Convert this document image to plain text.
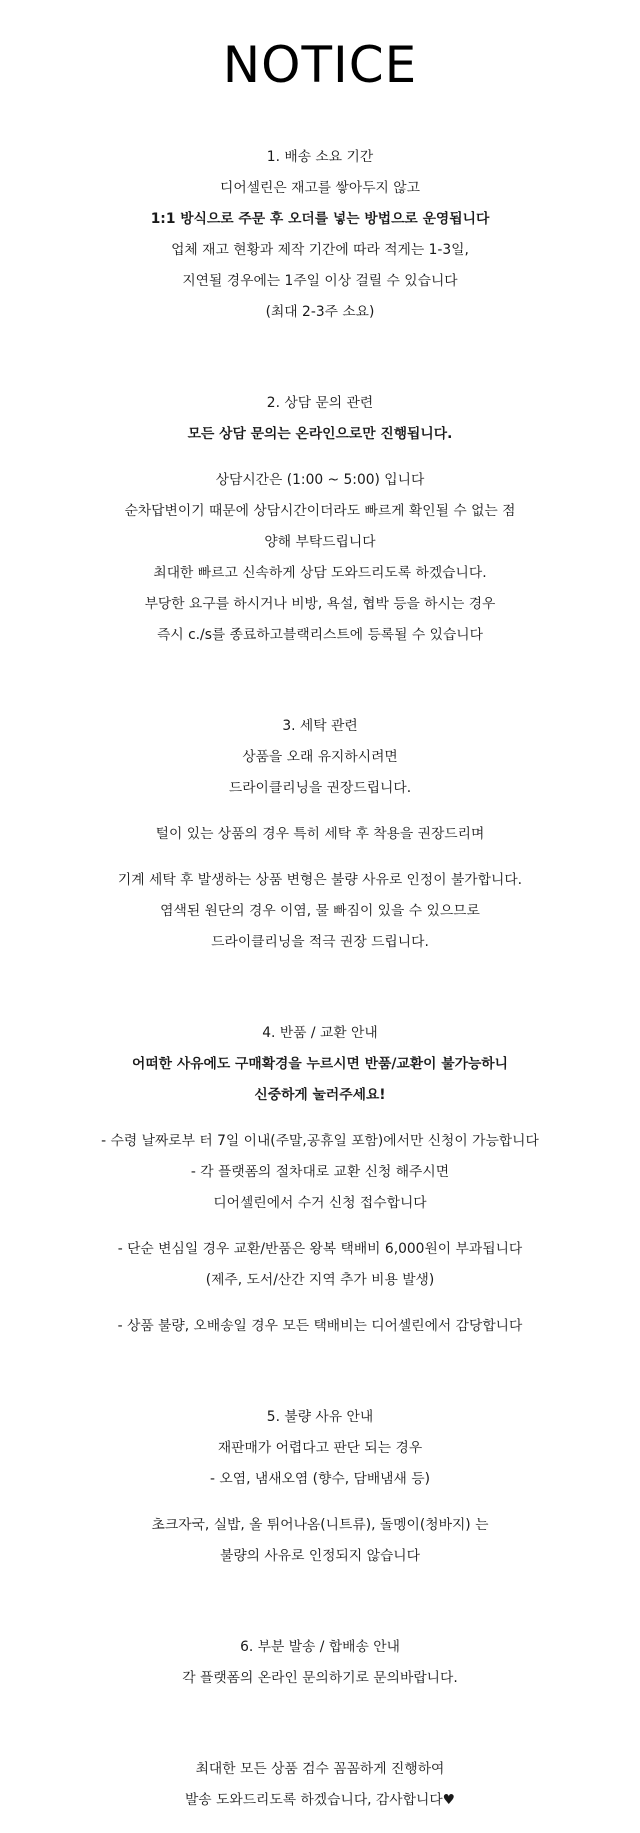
NOTICE

1. 배송 소요 기간

디어셀린은 재고를 쌓아두지 않고

1:1 방식으로 주문 후 오더를 넣는 방법으로 운영됩니다

업체 재고 현황과 제작 기간에 따라 적게는 1-3일,

지연될 경우에는 1주일 이상 걸릴 수 있습니다

(최대 2-3주 소요)

2. 상담 문의 관련

모든 상담 문의는 온라인으로만 진행됩니다.

상담시간은 (1:00 ~ 5:00) 입니다

순차답변이기 때문에 상담시간이더라도 빠르게 확인될 수 없는 점

양해 부탁드립니다

최대한 빠르고 신속하게 상담 도와드리도록 하겠습니다.

부당한 요구를 하시거나 비방, 욕설, 협박 등을 하시는 경우

즉시 c./s를 종료하고블랙리스트에 등록될 수 있습니다

3. 세탁 관련

상품을 오래 유지하시려면

드라이클리닝을 권장드립니다.

털이 있는 상품의 경우 특히 세탁 후 착용을 권장드리며

기계 세탁 후 발생하는 상품 변형은 불량 사유로 인정이 불가합니다.

염색된 원단의 경우 이염, 물 빠짐이 있을 수 있으므로

드라이클리닝을 적극 권장 드립니다.

4. 반품 / 교환 안내

어떠한 사유에도 구매확경을 누르시면 반품/교환이 불가능하니

신중하게 눌러주세요!

- 수령 날짜로부 터 7일 이내(주말,공휴일 포함)에서만 신청이 가능합니다

- 각 플랫폼의 절차대로 교환 신청 해주시면

디어셀린에서 수거 신청 접수합니다

- 단순 변심일 경우 교환/반품은 왕복 택배비 6,000원이 부과됩니다

(제주, 도서/산간 지역 추가 비용 발생)

- 상품 불량, 오배송일 경우 모든 택배비는 디어셀린에서 감당합니다

5. 불량 사유 안내

재판매가 어렵다고 판단 되는 경우

- 오염, 냄새오염 (향수, 담배냄새 등)

초크자국, 실밥, 올 튀어나옴(니트류), 돌멩이(청바지) 는

불량의 사유로 인정되지 않습니다

6. 부분 발송 / 합배송 안내

각 플랫폼의 온라인 문의하기로 문의바랍니다.

최대한 모든 상품 검수 꼼꼼하게 진행하여

발송 도와드리도록 하겠습니다, 감사합니다♥
